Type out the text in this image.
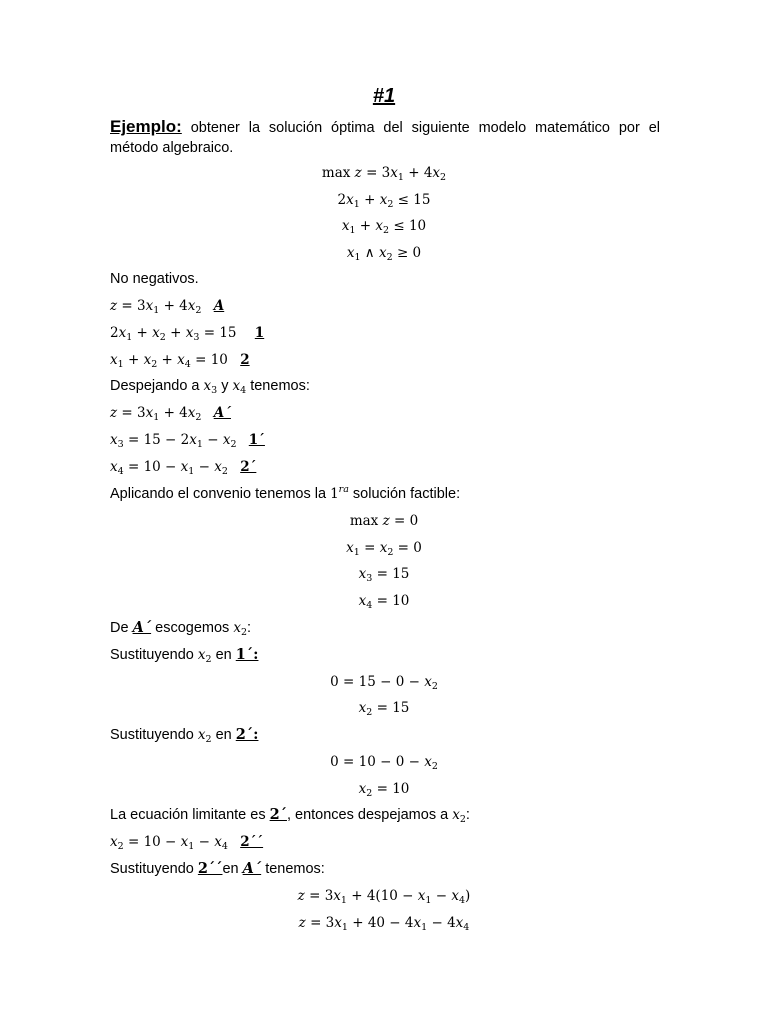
#1
Ejemplo: obtener la solución óptima del siguiente modelo matemático por el método algebraico.
$\max z = 3x_1 + 4x_2$
$2x_1 + x_2 \le 15$
$x_1 + x_2 \le 10$
$x_1$ ∧ $x_2 \ge 0$
No negativos.
$z = 3x_1 + 4x_2$ A
$2x_1 + x_2 + x_3 = 15$ 1
$x_1 + x_2 + x_4 = 10$ 2
Despejando a $x_3$ y $x_4$ tenemos:
$z = 3x_1 + 4x_2$ A´
$x_3 = 15 - 2x_1 - x_2$ 1´
$x_4 = 10 - x_1 - x_2$ 2´
Aplicando el convenio tenemos la $1^{ra}$ solución factible:
max z = 0
$x_1 = x_2 = 0$
$x_3 = 15$
$x_4 = 10$
De A´ escogemos $x_2$:
Sustituyendo $x_2$ en 1´:
$0 = 15 - 0 - x_2$
$x_2 = 15$
Sustituyendo $x_2$ en 2´:
$0 = 10 - 0 - x_2$
$x_2 = 10$
La ecuación limitante es 2´, entonces despejamos a $x_2$:
$x_2 = 10 - x_1 - x_4$ 2´´
Sustituyendo 2´´en A´ tenemos:
$z = 3x_1 + 4(10 - x_1 - x_4)$
$z = 3x_1 + 40 - 4x_1 - 4x_4$
